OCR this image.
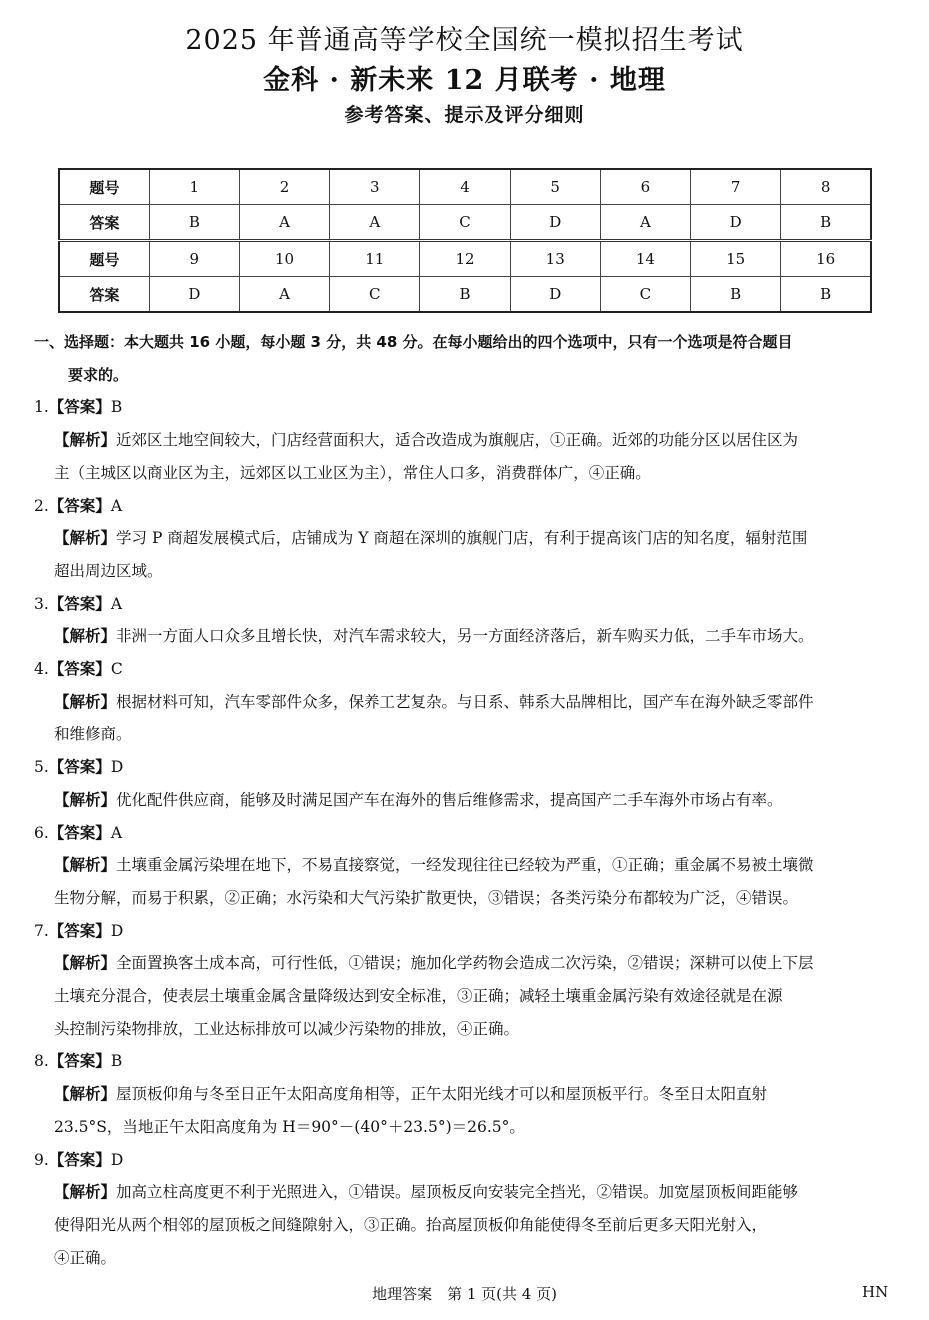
2025 年普通高等学校全国统一模拟招生考试
金科 · 新未来 12 月联考 · 地理
参考答案、提示及评分细则
题号	1	2	3	4	5	6	7	8
答案	B	A	A	C	D	A	D	B
题号	9	10	11	12	13	14	15	16
答案	D	A	C	B	D	C	B	B

一、选择题：本大题共 16 小题，每小题 3 分，共 48 分。在每小题给出的四个选项中，只有一个选项是符合题目

要求的。

1.【答案】B

【解析】近郊区土地空间较大，门店经营面积大，适合改造成为旗舰店，①正确。近郊的功能分区以居住区为

主（主城区以商业区为主，远郊区以工业区为主），常住人口多，消费群体广，④正确。

2.【答案】A

【解析】学习 P 商超发展模式后，店铺成为 Y 商超在深圳的旗舰门店，有利于提高该门店的知名度，辐射范围

超出周边区域。

3.【答案】A

【解析】非洲一方面人口众多且增长快，对汽车需求较大，另一方面经济落后，新车购买力低，二手车市场大。

4.【答案】C

【解析】根据材料可知，汽车零部件众多，保养工艺复杂。与日系、韩系大品牌相比，国产车在海外缺乏零部件

和维修商。

5.【答案】D

【解析】优化配件供应商，能够及时满足国产车在海外的售后维修需求，提高国产二手车海外市场占有率。

6.【答案】A

【解析】土壤重金属污染埋在地下，不易直接察觉，一经发现往往已经较为严重，①正确；重金属不易被土壤微

生物分解，而易于积累，②正确；水污染和大气污染扩散更快，③错误；各类污染分布都较为广泛，④错误。

7.【答案】D

【解析】全面置换客土成本高，可行性低，①错误；施加化学药物会造成二次污染，②错误；深耕可以使上下层

土壤充分混合，使表层土壤重金属含量降级达到安全标准，③正确；减轻土壤重金属污染有效途径就是在源

头控制污染物排放，工业达标排放可以减少污染物的排放，④正确。

8.【答案】B

【解析】屋顶板仰角与冬至日正午太阳高度角相等，正午太阳光线才可以和屋顶板平行。冬至日太阳直射

23.5°S，当地正午太阳高度角为 H＝90°－(40°＋23.5°)＝26.5°。

9.【答案】D

【解析】加高立柱高度更不利于光照进入，①错误。屋顶板反向安装完全挡光，②错误。加宽屋顶板间距能够

使得阳光从两个相邻的屋顶板之间缝隙射入，③正确。抬高屋顶板仰角能使得冬至前后更多天阳光射入，

④正确。

地理答案　第 1 页(共 4 页)	HN
